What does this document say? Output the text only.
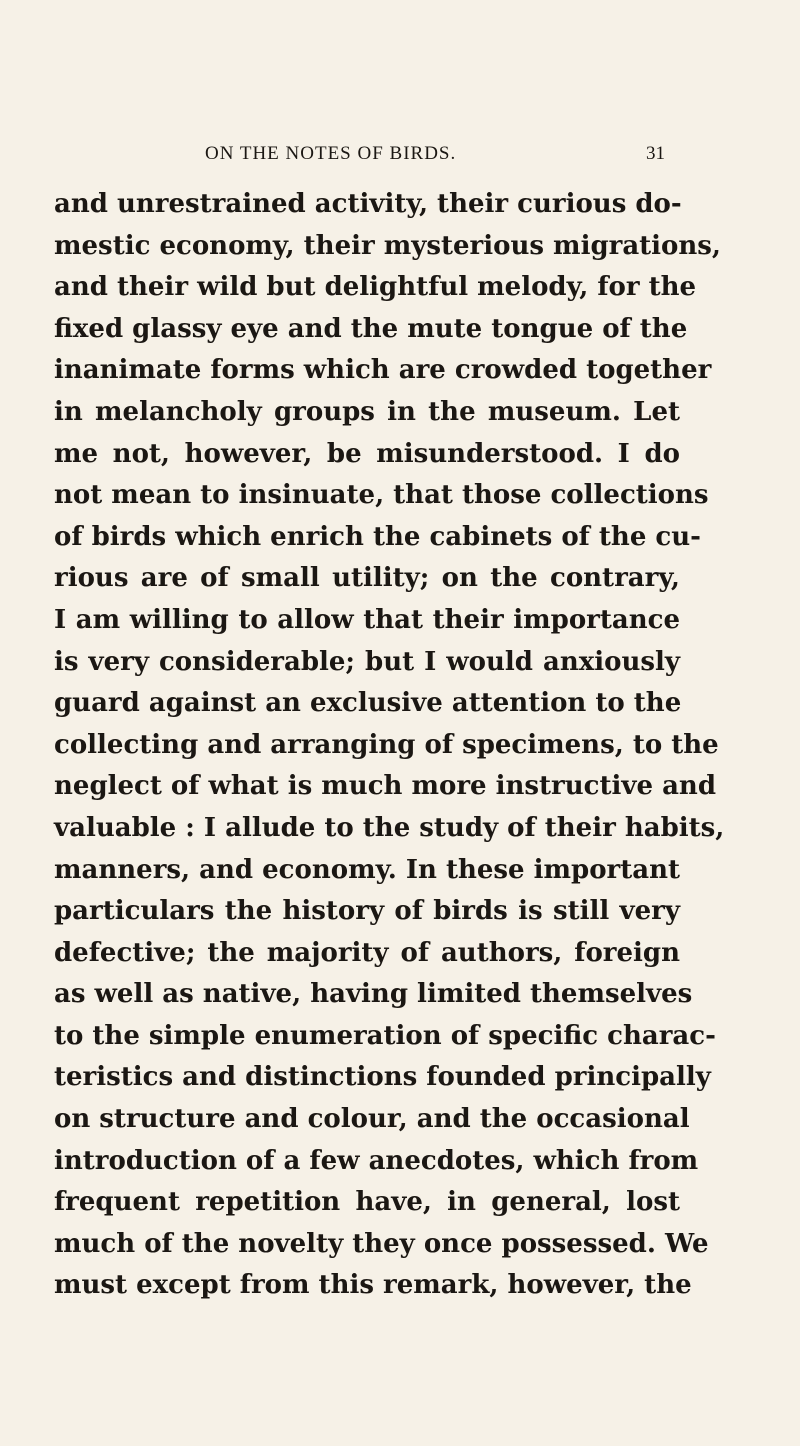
ON THE NOTES OF BIRDS.	31
and unrestrained activity, their curious do-
mestic economy, their mysterious migrations,
and their wild but delightful melody, for the
fixed glassy eye and the mute tongue of the
inanimate forms which are crowded together
in melancholy groups in the museum. Let
me not, however, be misunderstood. I do
not mean to insinuate, that those collections
of birds which enrich the cabinets of the cu-
rious are of small utility; on the contrary,
I am willing to allow that their importance
is very considerable; but I would anxiously
guard against an exclusive attention to the
collecting and arranging of specimens, to the
neglect of what is much more instructive and
valuable : I allude to the study of their habits,
manners, and economy. In these important
particulars the history of birds is still very
defective; the majority of authors, foreign
as well as native, having limited themselves
to the simple enumeration of specific charac-
teristics and distinctions founded principally
on structure and colour, and the occasional
introduction of a few anecdotes, which from
frequent repetition have, in general, lost
much of the novelty they once possessed. We
must except from this remark, however, the
